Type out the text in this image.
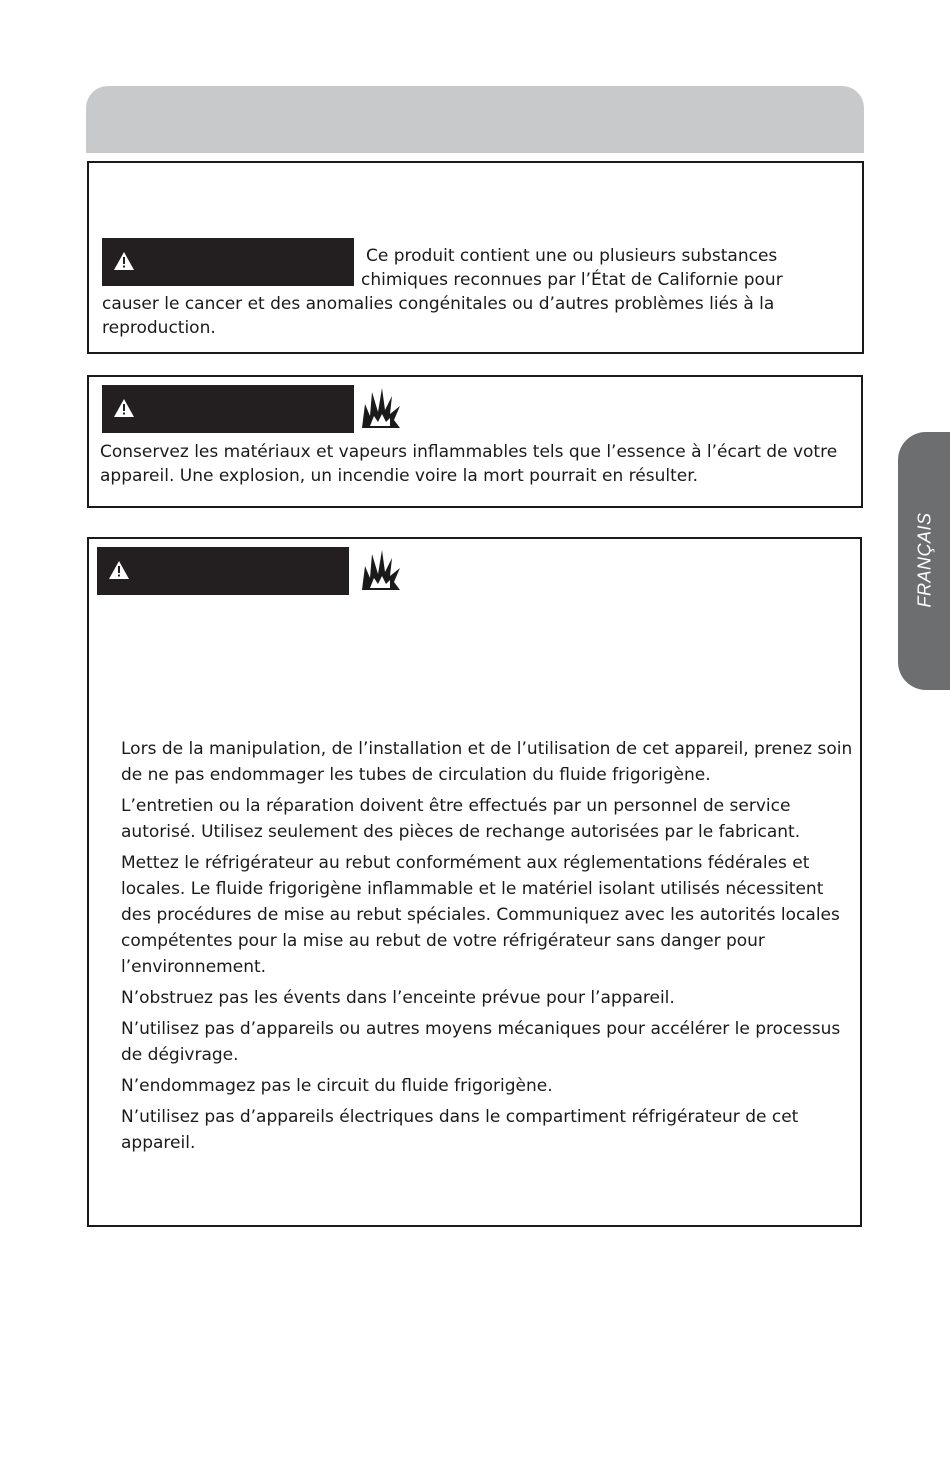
Ce produit contient une ou plusieurs substances

chimiques reconnues par l’État de Californie pour

causer le cancer et des anomalies congénitales ou d’autres problèmes liés à la reproduction.

Conservez les matériaux et vapeurs inflammables tels que l’essence à l’écart de votre appareil. Une explosion, un incendie voire la mort pourrait en résulter.

Lors de la manipulation, de l’installation et de l’utilisation de cet appareil, prenez soin de ne pas endommager les tubes de circulation du fluide frigorigène.
L’entretien ou la réparation doivent être effectués par un personnel de service autorisé. Utilisez seulement des pièces de rechange autorisées par le fabricant.
Mettez le réfrigérateur au rebut conformément aux réglementations fédérales et locales. Le fluide frigorigène inflammable et le matériel isolant utilisés nécessitent des procédures de mise au rebut spéciales. Communiquez avec les autorités locales compétentes pour la mise au rebut de votre réfrigérateur sans danger pour l’environnement.
N’obstruez pas les évents dans l’enceinte prévue pour l’appareil.
N’utilisez pas d’appareils ou autres moyens mécaniques pour accélérer le processus de dégivrage.
N’endommagez pas le circuit du fluide frigorigène.
N’utilisez pas d’appareils électriques dans le compartiment réfrigérateur de cet appareil.
FRANÇAIS
